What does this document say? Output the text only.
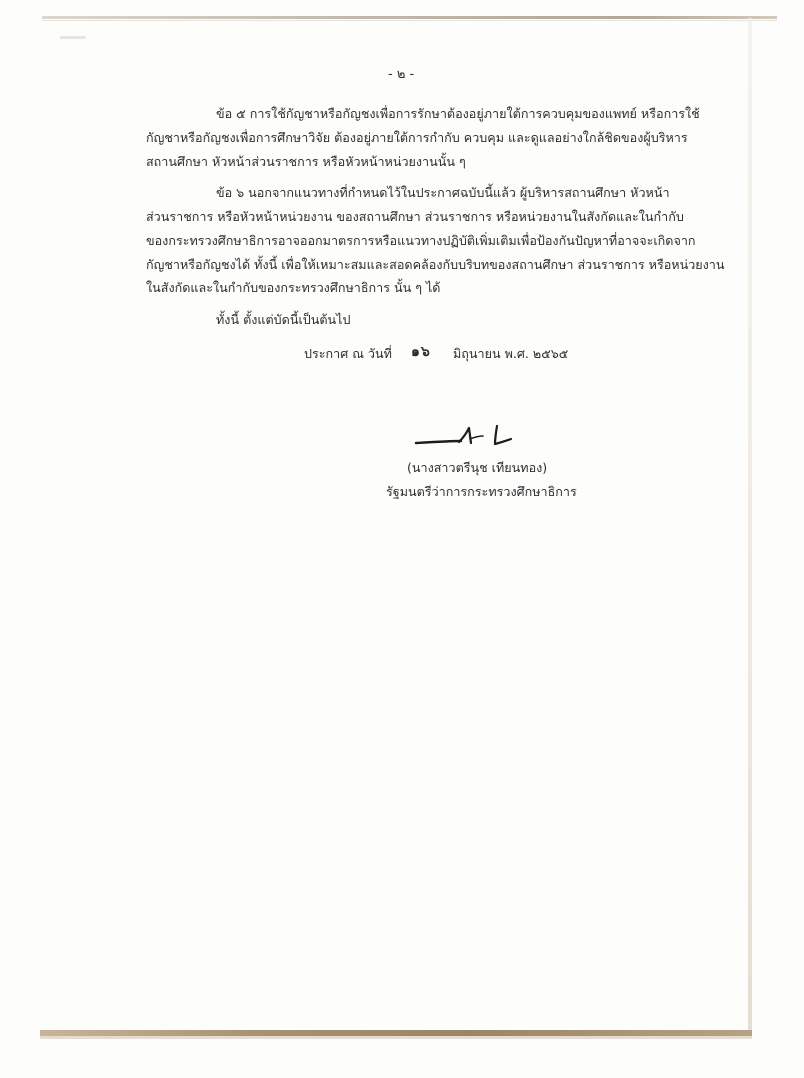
- ๒ -
ข้อ ๕ การใช้กัญชาหรือกัญชงเพื่อการรักษาต้องอยู่ภายใต้การควบคุมของแพทย์ หรือการใช้
กัญชาหรือกัญชงเพื่อการศึกษาวิจัย ต้องอยู่ภายใต้การกำกับ ควบคุม และดูแลอย่างใกล้ชิดของผู้บริหาร
สถานศึกษา หัวหน้าส่วนราชการ หรือหัวหน้าหน่วยงานนั้น ๆ
ข้อ ๖ นอกจากแนวทางที่กำหนดไว้ในประกาศฉบับนี้แล้ว ผู้บริหารสถานศึกษา หัวหน้า
ส่วนราชการ หรือหัวหน้าหน่วยงาน ของสถานศึกษา ส่วนราชการ หรือหน่วยงานในสังกัดและในกำกับ
ของกระทรวงศึกษาธิการอาจออกมาตรการหรือแนวทางปฏิบัติเพิ่มเติมเพื่อป้องกันปัญหาที่อาจจะเกิดจาก
กัญชาหรือกัญชงได้ ทั้งนี้ เพื่อให้เหมาะสมและสอดคล้องกับบริบทของสถานศึกษา ส่วนราชการ หรือหน่วยงาน
ในสังกัดและในกำกับของกระทรวงศึกษาธิการ นั้น ๆ ได้
ทั้งนี้ ตั้งแต่บัดนี้เป็นต้นไป
ประกาศ ณ วันที่ ๑๖ มิถุนายน พ.ศ. ๒๕๖๕
(นางสาวตรีนุช เทียนทอง)
รัฐมนตรีว่าการกระทรวงศึกษาธิการ
